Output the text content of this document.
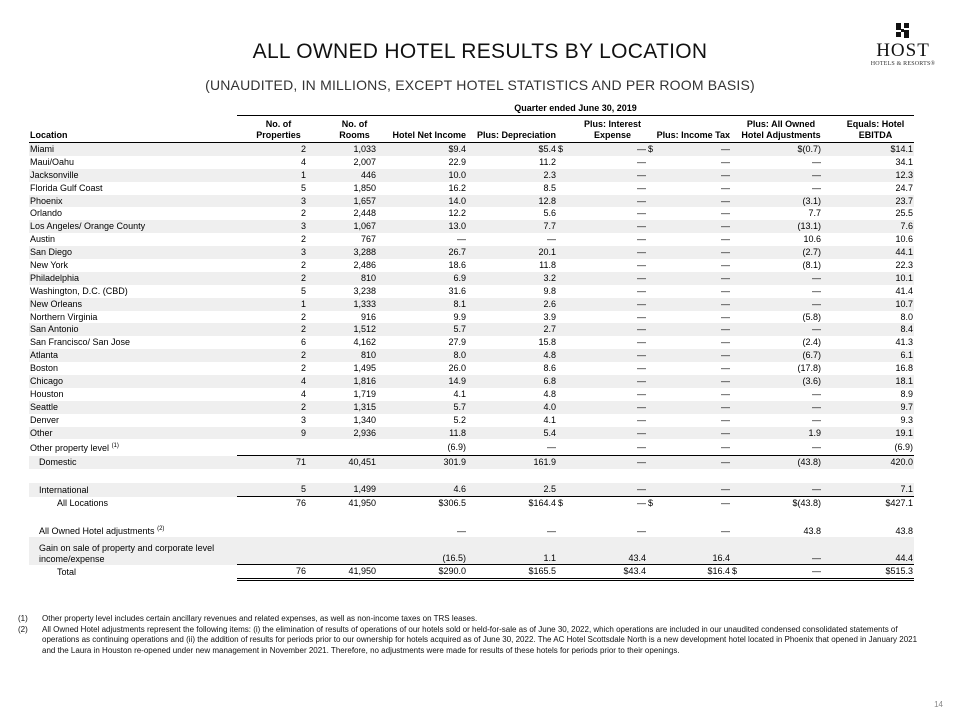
ALL OWNED HOTEL RESULTS BY LOCATION
(UNAUDITED, IN MILLIONS, EXCEPT HOTEL STATISTICS AND PER ROOM BASIS)
HOST
HOTELS & RESORTS®
Quarter ended June 30, 2019
Location	No. of Properties	No. of Rooms	Hotel Net Income	Plus: Depreciation	Plus: Interest Expense	Plus: Income Tax	Plus: All Owned Hotel Adjustments	Equals: Hotel EBITDA
Miami	2	1,033	$9.4	$5.4	$ —	$ —	$(0.7)	$14.1
Maui/Oahu	4	2,007	22.9	11.2	—	—	—	34.1
Jacksonville	1	446	10.0	2.3	—	—	—	12.3
Florida Gulf Coast	5	1,850	16.2	8.5	—	—	—	24.7
Phoenix	3	1,657	14.0	12.8	—	—	(3.1)	23.7
Orlando	2	2,448	12.2	5.6	—	—	7.7	25.5
Los Angeles/ Orange County	3	1,067	13.0	7.7	—	—	(13.1)	7.6
Austin	2	767	—	—	—	—	10.6	10.6
San Diego	3	3,288	26.7	20.1	—	—	(2.7)	44.1
New York	2	2,486	18.6	11.8	—	—	(8.1)	22.3
Philadelphia	2	810	6.9	3.2	—	—	—	10.1
Washington, D.C. (CBD)	5	3,238	31.6	9.8	—	—	—	41.4
New Orleans	1	1,333	8.1	2.6	—	—	—	10.7
Northern Virginia	2	916	9.9	3.9	—	—	(5.8)	8.0
San Antonio	2	1,512	5.7	2.7	—	—	—	8.4
San Francisco/ San Jose	6	4,162	27.9	15.8	—	—	(2.4)	41.3
Atlanta	2	810	8.0	4.8	—	—	(6.7)	6.1
Boston	2	1,495	26.0	8.6	—	—	(17.8)	16.8
Chicago	4	1,816	14.9	6.8	—	—	(3.6)	18.1
Houston	4	1,719	4.1	4.8	—	—	—	8.9
Seattle	2	1,315	5.7	4.0	—	—	—	9.7
Denver	3	1,340	5.2	4.1	—	—	—	9.3
Other	9	2,936	11.8	5.4	—	—	1.9	19.1
Other property level $^{(1)}$			(6.9)	—	—	—	—	(6.9)
Domestic	71	40,451	301.9	161.9	—	—	(43.8)	420.0

International	5	1,499	4.6	2.5	—	—	—	7.1
All Locations	76	41,950	$306.5	$164.4	$ —	$ —	$(43.8)	$427.1
All Owned Hotel adjustments $^{(2)}$			—	—	—	—	43.8	43.8
Gain on sale of property and corporate level income/expense			(16.5)	1.1	43.4	16.4	—	44.4
Total	76	41,950	$290.0	$165.5	$43.4	$16.4	$ —	$515.3
(1)	Other property level includes certain ancillary revenues and related expenses, as well as non-income taxes on TRS leases.
(2)	All Owned Hotel adjustments represent the following items: (i) the elimination of results of operations of our hotels sold or held-for-sale as of June 30, 2022, which operations are included in our unaudited condensed consolidated statements of operations as continuing operations and (ii) the addition of results for periods prior to our ownership for hotels acquired as of June 30, 2022. The AC Hotel Scottsdale North is a new development hotel located in Phoenix that opened in January 2021 and the Laura in Houston re-opened under new management in November 2021. Therefore, no adjustments were made for results of these hotels for periods prior to their openings.
14
